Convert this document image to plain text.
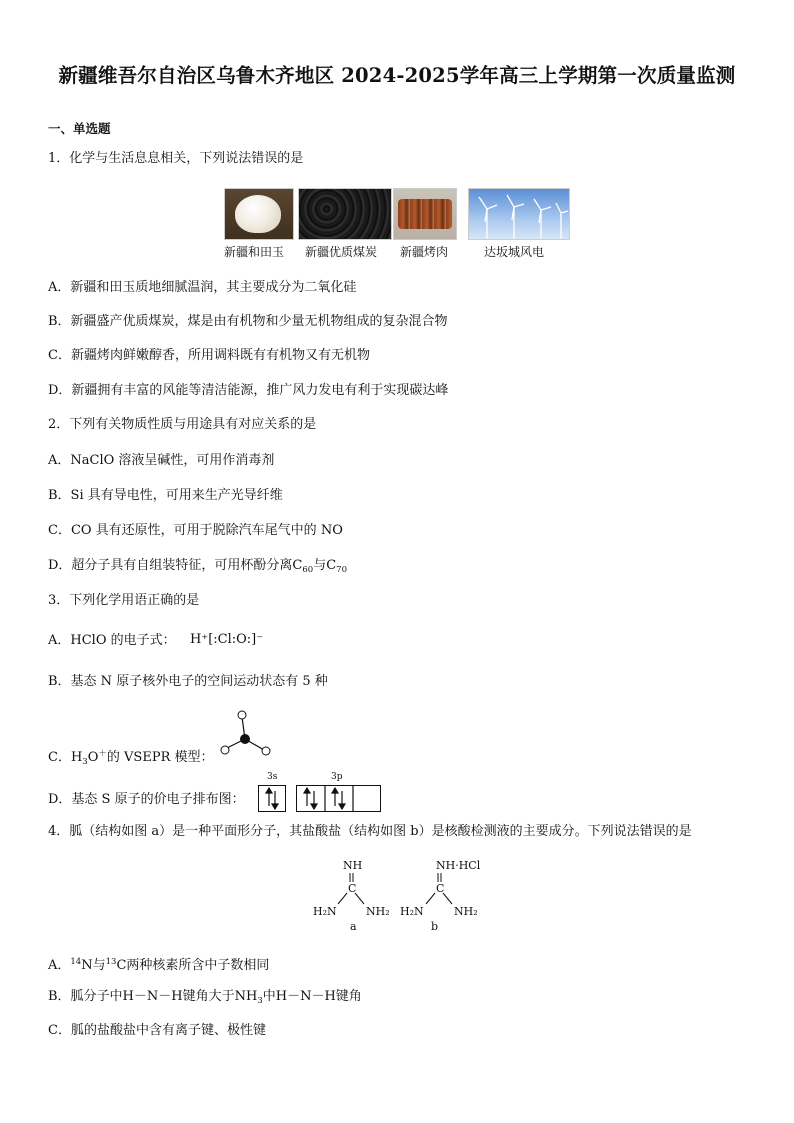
新疆维吾尔自治区乌鲁木齐地区 2024-2025学年高三上学期第一次质量监测
一、单选题
1．化学与生活息息相关，下列说法错误的是
新疆和田玉 新疆优质煤炭 新疆烤肉	达坂城风电
A．新疆和田玉质地细腻温润，其主要成分为二氧化硅
B．新疆盛产优质煤炭，煤是由有机物和少量无机物组成的复杂混合物
C．新疆烤肉鲜嫩醇香，所用调料既有有机物又有无机物
D．新疆拥有丰富的风能等清洁能源，推广风力发电有利于实现碳达峰
2．下列有关物质性质与用途具有对应关系的是
A．NaClO 溶液呈碱性，可用作消毒剂
B．Si 具有导电性，可用来生产光导纤维
C．CO 具有还原性，可用于脱除汽车尾气中的 NO
D．超分子具有自组装特征，可用杯酚分离$C_{60}$与$C_{70}$
3．下列化学用语正确的是
A．HClO 的电子式： H⁺[:Cl:O:]⁻
B．基态 N 原子核外电子的空间运动状态有 5 种
C．$H_3O^+$的 VSEPR 模型：
D．基态 S 原子的价电子排布图：
3s	3p
4．胍（结构如图 a）是一种平面形分子，其盐酸盐（结构如图 b）是核酸检测液的主要成分。下列说法错误的是
NH
C
H₂N	NH₂
a
NH·HCl
C
H₂N	NH₂
b
A．$^{14}$N与$^{13}$C两种核素所含中子数相同
B．胍分子中H－N－H键角大于$NH_3$中H－N－H键角
C．胍的盐酸盐中含有离子键、极性键
